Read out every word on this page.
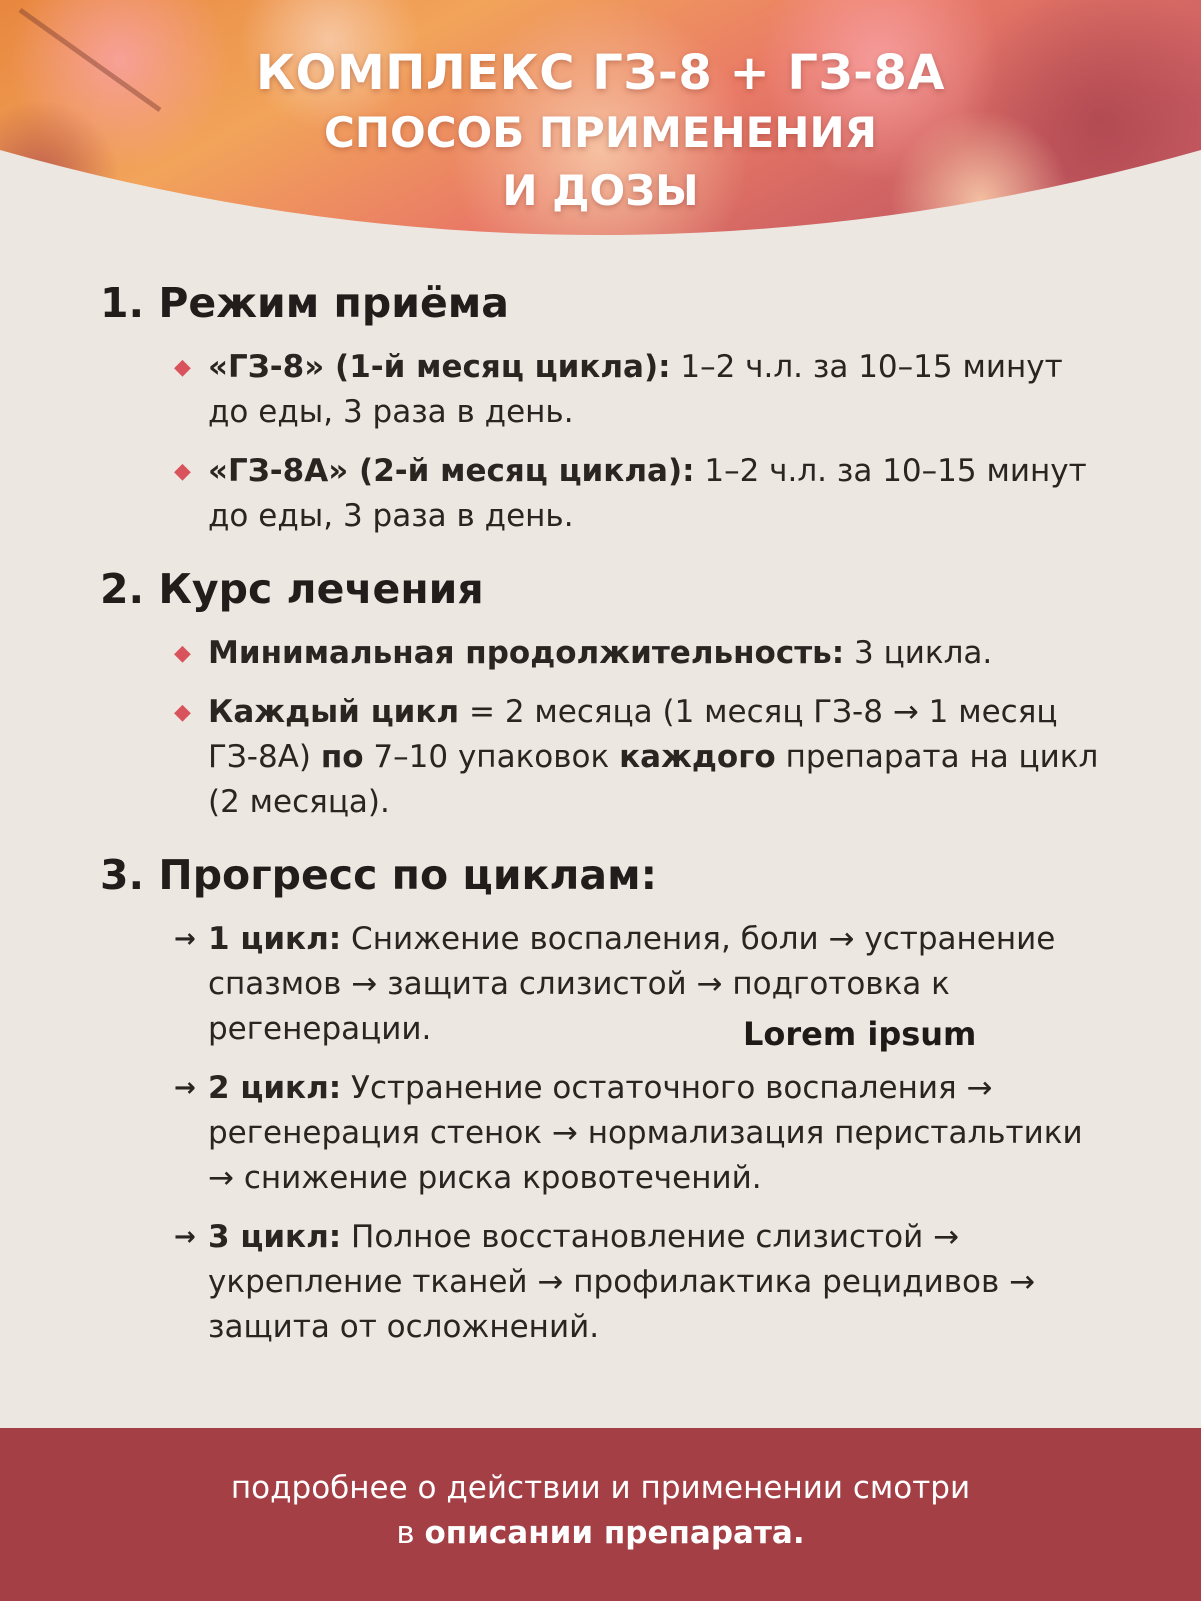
КОМПЛЕКС ГЗ-8 + ГЗ-8А
СПОСОБ ПРИМЕНЕНИЯ
И ДОЗЫ
1. Режим приёма
◆ «ГЗ-8» (1-й месяц цикла): 1–2 ч.л. за 10–15 минут до еды, 3 раза в день.
◆ «ГЗ-8А» (2-й месяц цикла): 1–2 ч.л. за 10–15 минут до еды, 3 раза в день.
2. Курс лечения
◆ Минимальная продолжительность: 3 цикла.
◆ Каждый цикл = 2 месяца (1 месяц ГЗ-8 → 1 месяц ГЗ-8А) по 7–10 упаковок каждого препарата на цикл (2 месяца).
3. Прогресс по циклам:
→ 1 цикл: Снижение воспаления, боли → устранение спазмов → защита слизистой → подготовка к регенерации.
→ 2 цикл: Устранение остаточного воспаления → регенерация стенок → нормализация перистальтики → снижение риска кровотечений.
→ 3 цикл: Полное восстановление слизистой → укрепление тканей → профилактика рецидивов → защита от осложнений.
Lorem ipsum
подробнее о действии и применении смотри
в описании препарата.
